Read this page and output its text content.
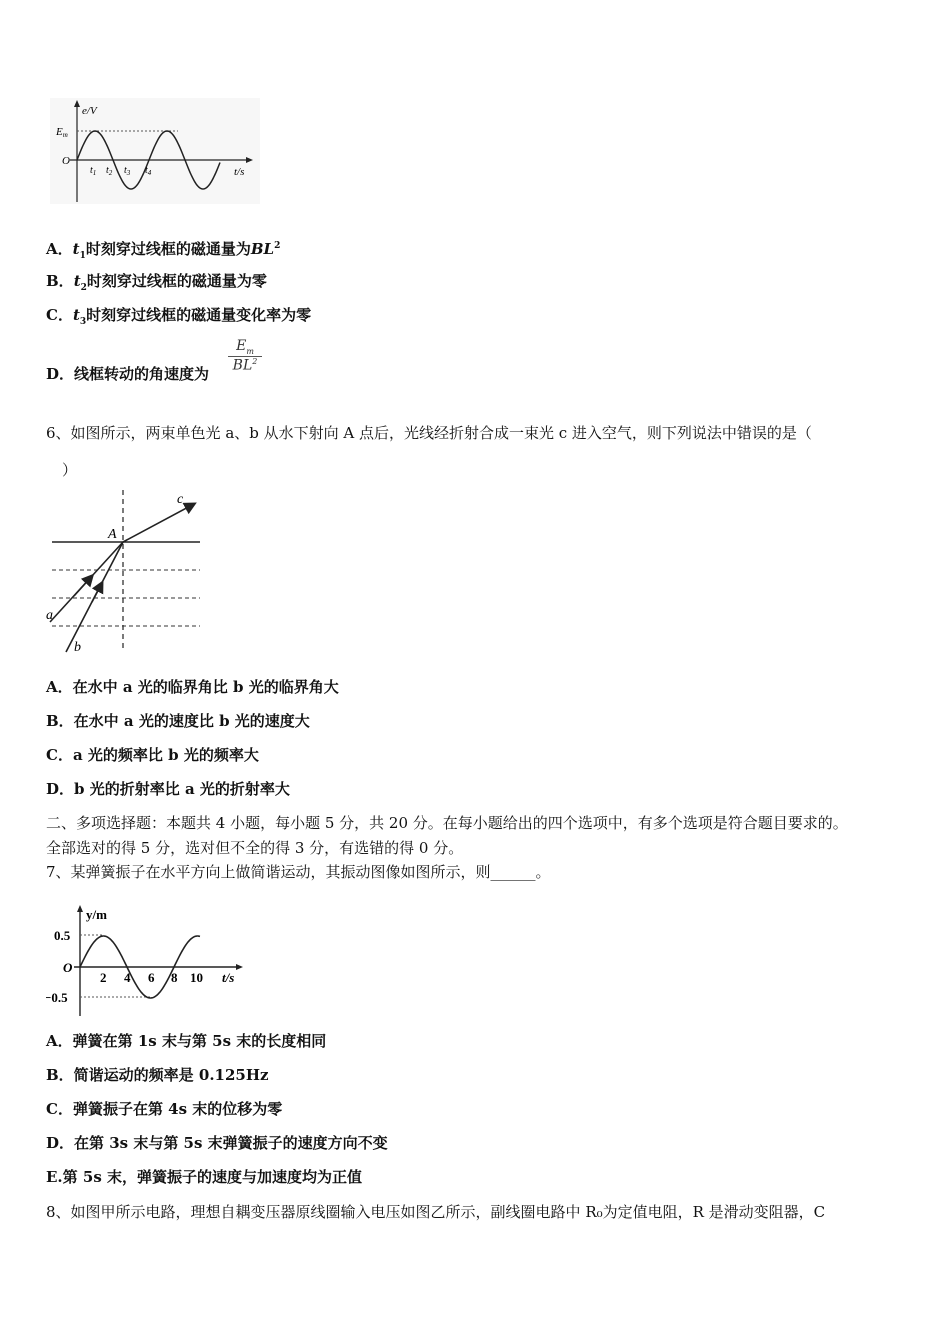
e/V
Em
O
t/s
$t_1$ $t_2$ $t_3$ $t_4$
A．$t_1$时刻穿过线框的磁通量为$BL^2$
B．$t_2$时刻穿过线框的磁通量为零
C．$t_3$时刻穿过线框的磁通量变化率为零
D．线框转动的角速度为
$\frac{E_m}{BL^2}$
6、如图所示，两束单色光 a、b 从水下射向 A 点后，光线经折射合成一束光 c 进入空气，则下列说法中错误的是（
）
A
c
a
b
A．在水中 a 光的临界角比 b 光的临界角大
B．在水中 a 光的速度比 b 光的速度大
C．a 光的频率比 b 光的频率大
D．b 光的折射率比 a 光的折射率大
二、多项选择题：本题共 4 小题，每小题 5 分，共 20 分。在每小题给出的四个选项中，有多个选项是符合题目要求的。
全部选对的得 5 分，选对但不全的得 3 分，有选错的得 0 分。
7、某弹簧振子在水平方向上做简谐运动，其振动图像如图所示，则______。
y/m
0.5
O
−0.5
t/s
2 4 6 8 10
A．弹簧在第 1s 末与第 5s 末的长度相同
B．简谐运动的频率是 0.125Hz
C．弹簧振子在第 4s 末的位移为零
D．在第 3s 末与第 5s 末弹簧振子的速度方向不变
E.第 5s 末，弹簧振子的速度与加速度均为正值
8、如图甲所示电路，理想自耦变压器原线圈输入电压如图乙所示，副线圈电路中 R₀为定值电阻，R 是滑动变阻器，C
